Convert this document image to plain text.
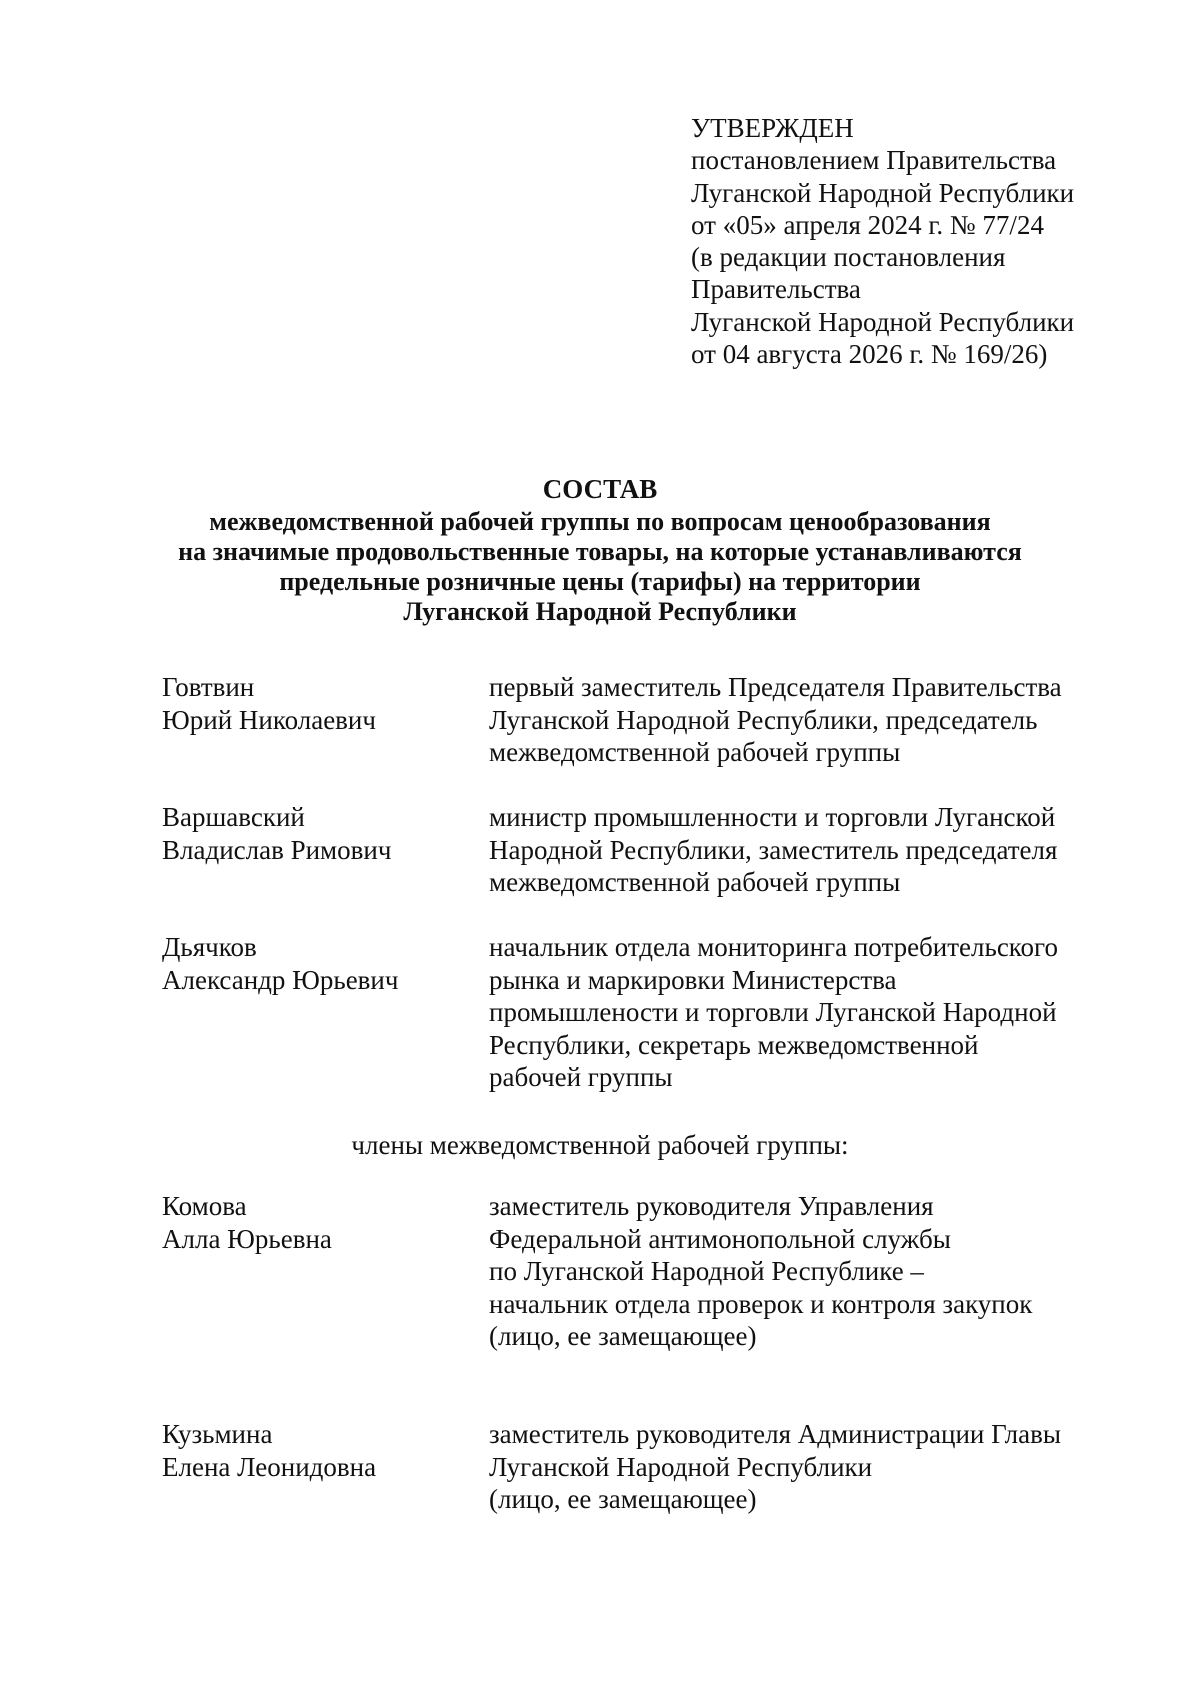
УТВЕРЖДЕН
постановлением Правительства
Луганской Народной Республики
от «05» апреля 2024 г. № 77/24
(в редакции постановления
Правительства
Луганской Народной Республики
от 04 августа 2026 г. № 169/26)
СОСТАВ
межведомственной рабочей группы по вопросам ценообразования
на значимые продовольственные товары, на которые устанавливаются
предельные розничные цены (тарифы) на территории
Луганской Народной Республики
Говтвин
Юрий Николаевич
первый заместитель Председателя Правительства
Луганской Народной Республики, председатель
межведомственной рабочей группы
Варшавский
Владислав Римович
министр промышленности и торговли Луганской
Народной Республики, заместитель председателя
межведомственной рабочей группы
Дьячков
Александр Юрьевич
начальник отдела мониторинга потребительского
рынка и маркировки Министерства
промышлености и торговли Луганской Народной
Республики, секретарь межведомственной
рабочей группы
члены межведомственной рабочей группы:
Комова
Алла Юрьевна
заместитель руководителя Управления
Федеральной антимонопольной службы
по Луганской Народной Республике –
начальник отдела проверок и контроля закупок
(лицо, ее замещающее)
Кузьмина
Елена Леонидовна
заместитель руководителя Администрации Главы
Луганской Народной Республики
(лицо, ее замещающее)
